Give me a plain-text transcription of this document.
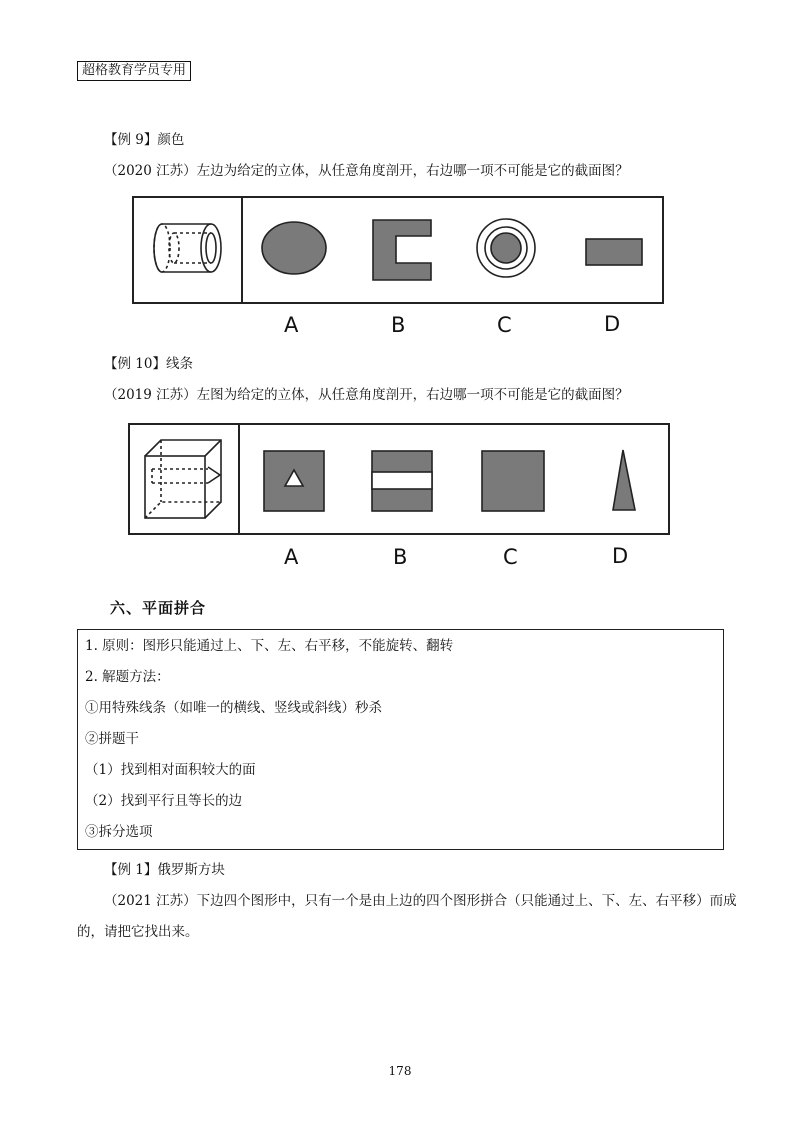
超格教育学员专用
【例 9】颜色
（2020 江苏）左边为给定的立体，从任意角度剖开，右边哪一项不可能是它的截面图？
A	B	C	D
【例 10】线条
（2019 江苏）左图为给定的立体，从任意角度剖开，右边哪一项不可能是它的截面图？
A	B	C	D
六、平面拼合
1. 原则：图形只能通过上、下、左、右平移，不能旋转、翻转
2. 解题方法：
①用特殊线条（如唯一的横线、竖线或斜线）秒杀
②拼题干
（1）找到相对面积较大的面
（2）找到平行且等长的边
③拆分选项
【例 1】俄罗斯方块
（2021 江苏）下边四个图形中，只有一个是由上边的四个图形拼合（只能通过上、下、左、右平移）而成
的，请把它找出来。
178
